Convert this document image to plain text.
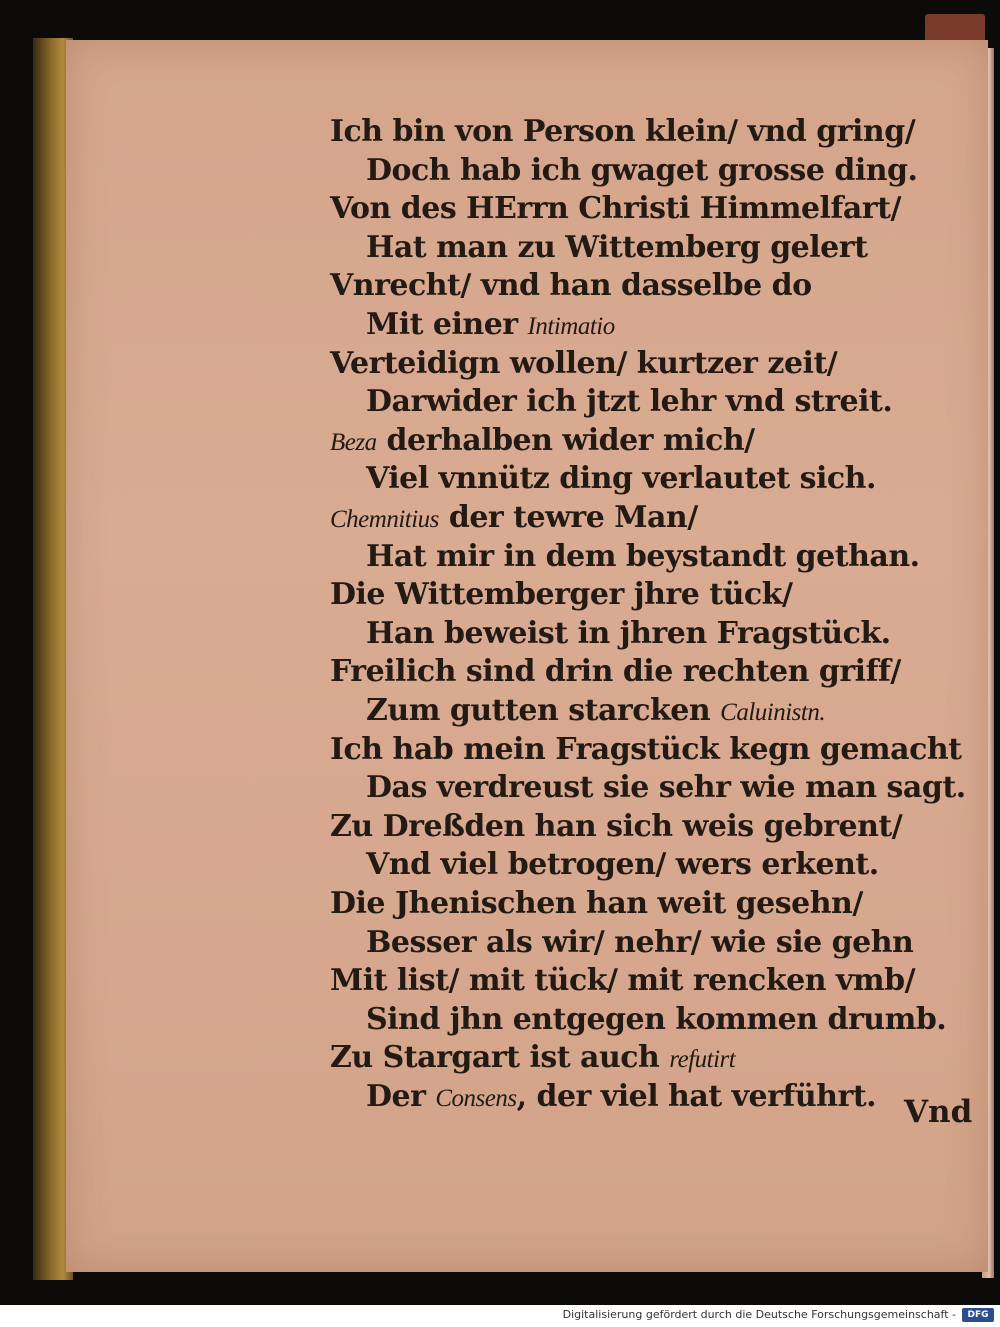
Ich bin von Person klein/ vnd gring/
Doch hab ich gwaget grosse ding.
Von des HErrn Christi Himmelfart/
Hat man zu Wittemberg gelert
Vnrecht/ vnd han dasselbe do
Mit einer Intimatio
Verteidign wollen/ kurtzer zeit/
Darwider ich jtzt lehr vnd streit.
Beza derhalben wider mich/
Viel vnnütz ding verlautet sich.
Chemnitius der tewre Man/
Hat mir in dem beystandt gethan.
Die Wittemberger jhre tück/
Han beweist in jhren Fragstück.
Freilich sind drin die rechten griff/
Zum gutten starcken Caluinistn.
Ich hab mein Fragstück kegn gemacht
Das verdreust sie sehr wie man sagt.
Zu Dreßden han sich weis gebrent/
Vnd viel betrogen/ wers erkent.
Die Jhenischen han weit gesehn/
Besser als wir/ nehr/ wie sie gehn
Mit list/ mit tück/ mit rencken vmb/
Sind jhn entgegen kommen drumb.
Zu Stargart ist auch refutirt
Der Consens, der viel hat verführt. Vnd
Digitalisierung gefördert durch die Deutsche Forschungsgemeinschaft -	DFG
